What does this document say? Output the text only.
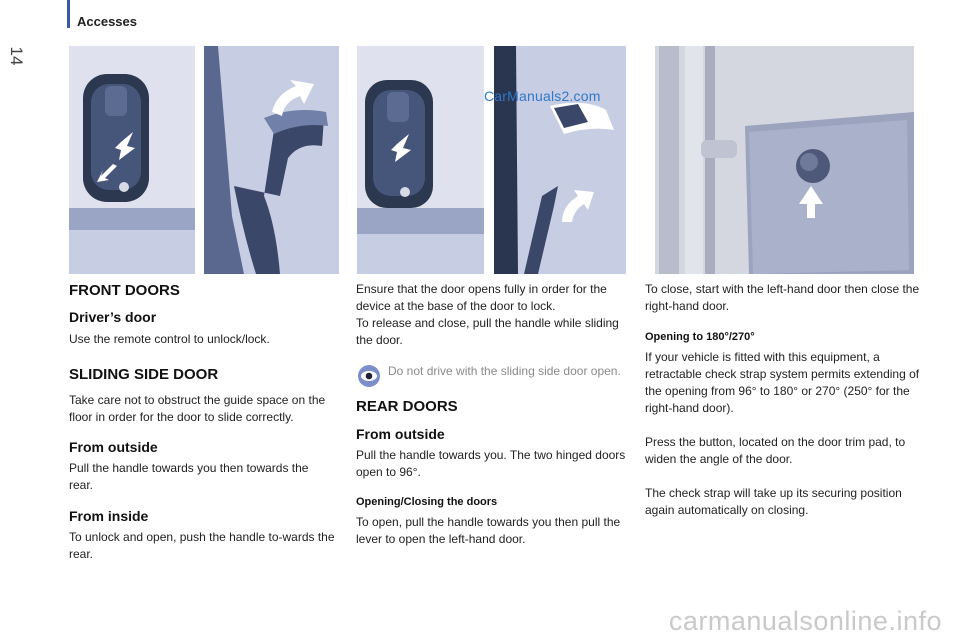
Accesses
14
CarManuals2.com
FRONT DOORS
Driver’s door
Use the remote control to unlock/lock.
SLIDING SIDE DOOR
Take care not to obstruct the guide space on the floor in order for the door to slide correctly.
From outside
Pull the handle towards you then towards the rear.
From inside
To unlock and open, push the handle to-wards the rear.
Ensure that the door opens fully in order for the device at the base of the door to lock.
To release and close, pull the handle while sliding the door.
Do not drive with the sliding side door open.
REAR DOORS
From outside
Pull the handle towards you. The two hinged doors open to 96°.
Opening/Closing the doors
To open, pull the handle towards you then pull the lever to open the left-hand door.
To close, start with the left-hand door then close the right-hand door.
Opening to 180°/270°
If your vehicle is fitted with this equipment, a retractable check strap system permits extending of the opening from 96° to 180° or 270° (250° for the right-hand door).
Press the button, located on the door trim pad, to widen the angle of the door.
The check strap will take up its securing position again automatically on closing.
carmanualsonline.info
